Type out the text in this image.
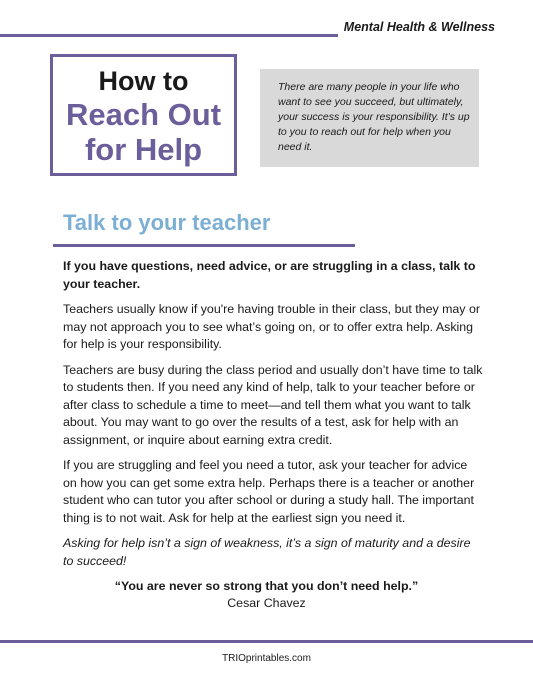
Mental Health & Wellness
How to
Reach Out
for Help
There are many people in your life who want to see you succeed, but ultimately, your success is your responsibility. It’s up to you to reach out for help when you need it.
Talk to your teacher

If you have questions, need advice, or are struggling in a class, talk to your teacher.

Teachers usually know if you're having trouble in their class, but they may or may not approach you to see what’s going on, or to offer extra help. Asking for help is your responsibility.

Teachers are busy during the class period and usually don’t have time to talk to students then. If you need any kind of help, talk to your teacher before or after class to schedule a time to meet—and tell them what you want to talk about. You may want to go over the results of a test, ask for help with an assignment, or inquire about earning extra credit.

If you are struggling and feel you need a tutor, ask your teacher for advice on how you can get some extra help. Perhaps there is a teacher or another student who can tutor you after school or during a study hall. The important thing is to not wait. Ask for help at the earliest sign you need it.

Asking for help isn’t a sign of weakness, it’s a sign of maturity and a desire to succeed!

“You are never so strong that you don’t need help.”
Cesar Chavez
TRIOprintables.com
